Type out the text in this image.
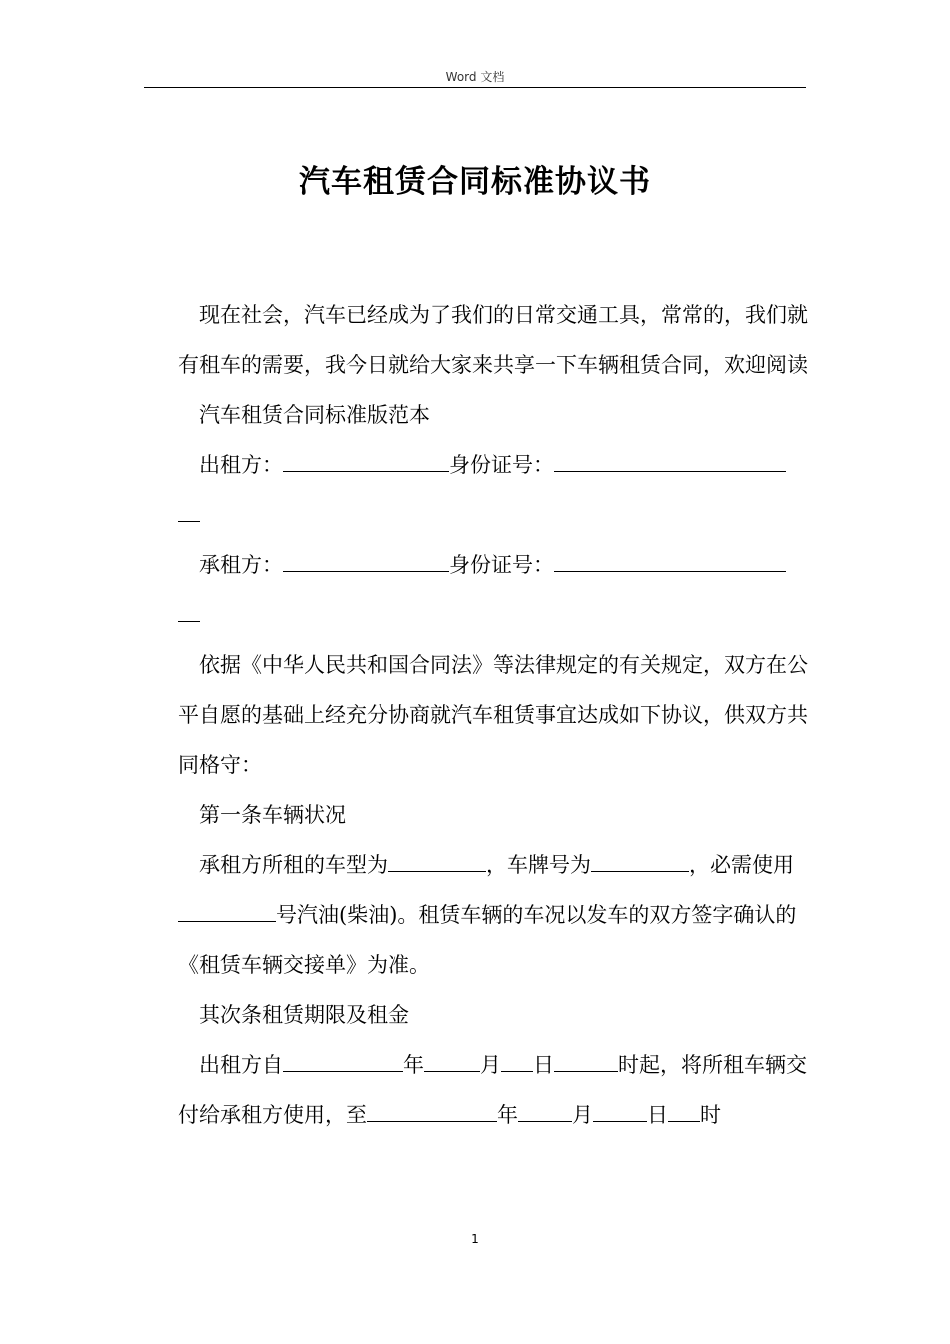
Word 文档
汽车租赁合同标准协议书

现在社会，汽车已经成为了我们的日常交通工具，常常的，我们就有租车的需要，我今日就给大家来共享一下车辆租赁合同，欢迎阅读

汽车租赁合同标准版范本

出租方：	身份证号：

承租方：	身份证号：

依据《中华人民共和国合同法》等法律规定的有关规定，双方在公平自愿的基础上经充分协商就汽车租赁事宜达成如下协议，供双方共同格守：

第一条车辆状况

承租方所租的车型为	，车牌号为	，必需使用号汽油(柴油)。租赁车辆的车况以发车的双方签字确认的《租赁车辆交接单》为准。

其次条租赁期限及租金

出租方自	年	月 日	时起，将所租车辆交付给承租方使用，至	年	月	日 时

1
